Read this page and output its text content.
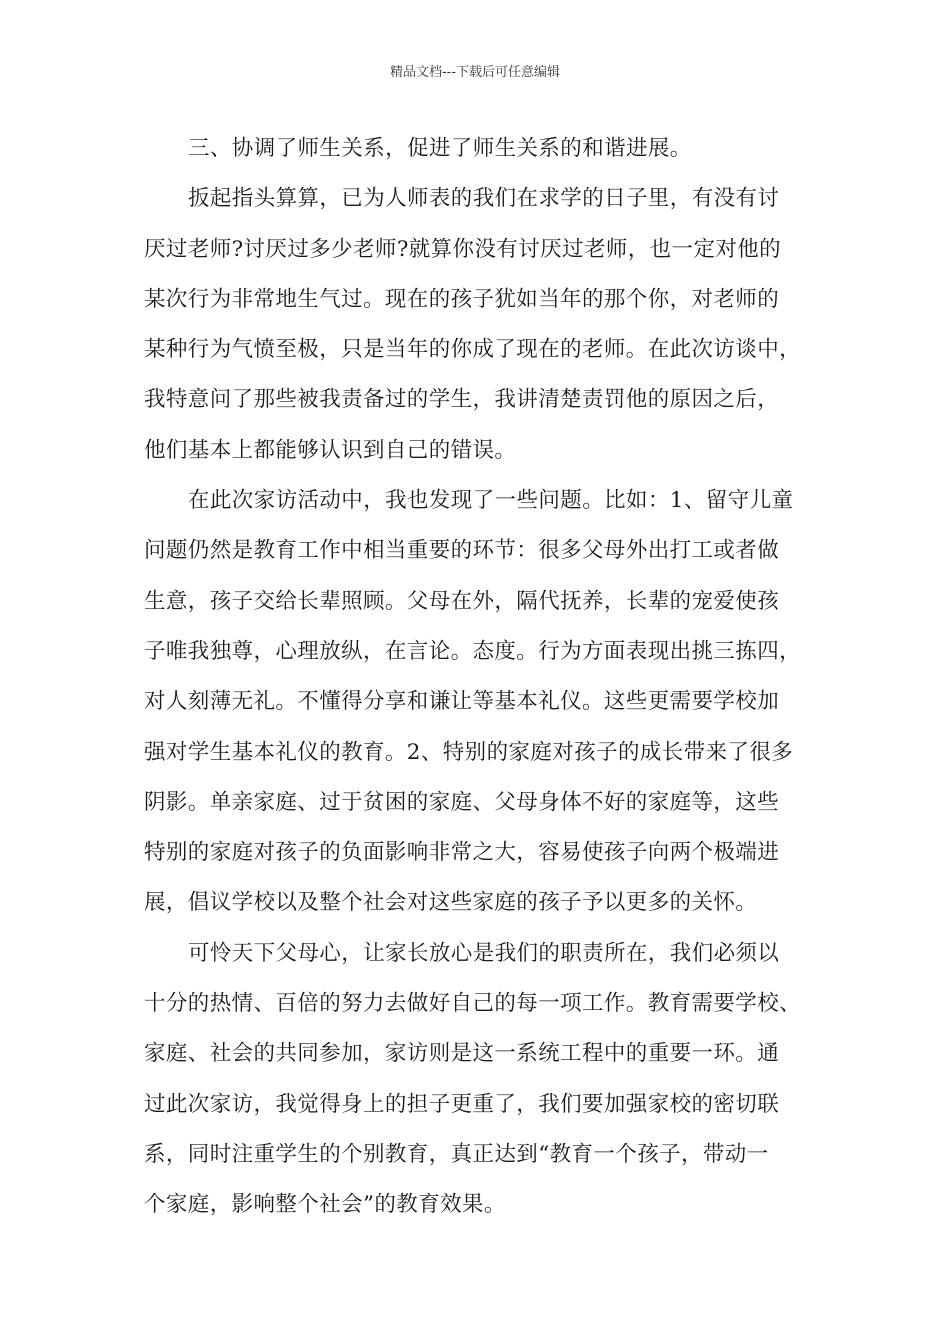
精品文档---下载后可任意编辑
三、协调了师生关系，促进了师生关系的和谐进展。
扳起指头算算，已为人师表的我们在求学的日子里，有没有讨
厌过老师?讨厌过多少老师?就算你没有讨厌过老师，也一定对他的
某次行为非常地生气过。现在的孩子犹如当年的那个你，对老师的
某种行为气愤至极，只是当年的你成了现在的老师。在此次访谈中，
我特意问了那些被我责备过的学生，我讲清楚责罚他的原因之后，
他们基本上都能够认识到自己的错误。
在此次家访活动中，我也发现了一些问题。比如：1、留守儿童
问题仍然是教育工作中相当重要的环节：很多父母外出打工或者做
生意，孩子交给长辈照顾。父母在外，隔代抚养，长辈的宠爱使孩
子唯我独尊，心理放纵，在言论。态度。行为方面表现出挑三拣四，
对人刻薄无礼。不懂得分享和谦让等基本礼仪。这些更需要学校加
强对学生基本礼仪的教育。2、特别的家庭对孩子的成长带来了很多
阴影。单亲家庭、过于贫困的家庭、父母身体不好的家庭等，这些
特别的家庭对孩子的负面影响非常之大，容易使孩子向两个极端进
展，倡议学校以及整个社会对这些家庭的孩子予以更多的关怀。
可怜天下父母心，让家长放心是我们的职责所在，我们必须以
十分的热情、百倍的努力去做好自己的每一项工作。教育需要学校、
家庭、社会的共同参加，家访则是这一系统工程中的重要一环。通
过此次家访，我觉得身上的担子更重了，我们要加强家校的密切联
系，同时注重学生的个别教育，真正达到“教育一个孩子，带动一
个家庭，影响整个社会”的教育效果。
